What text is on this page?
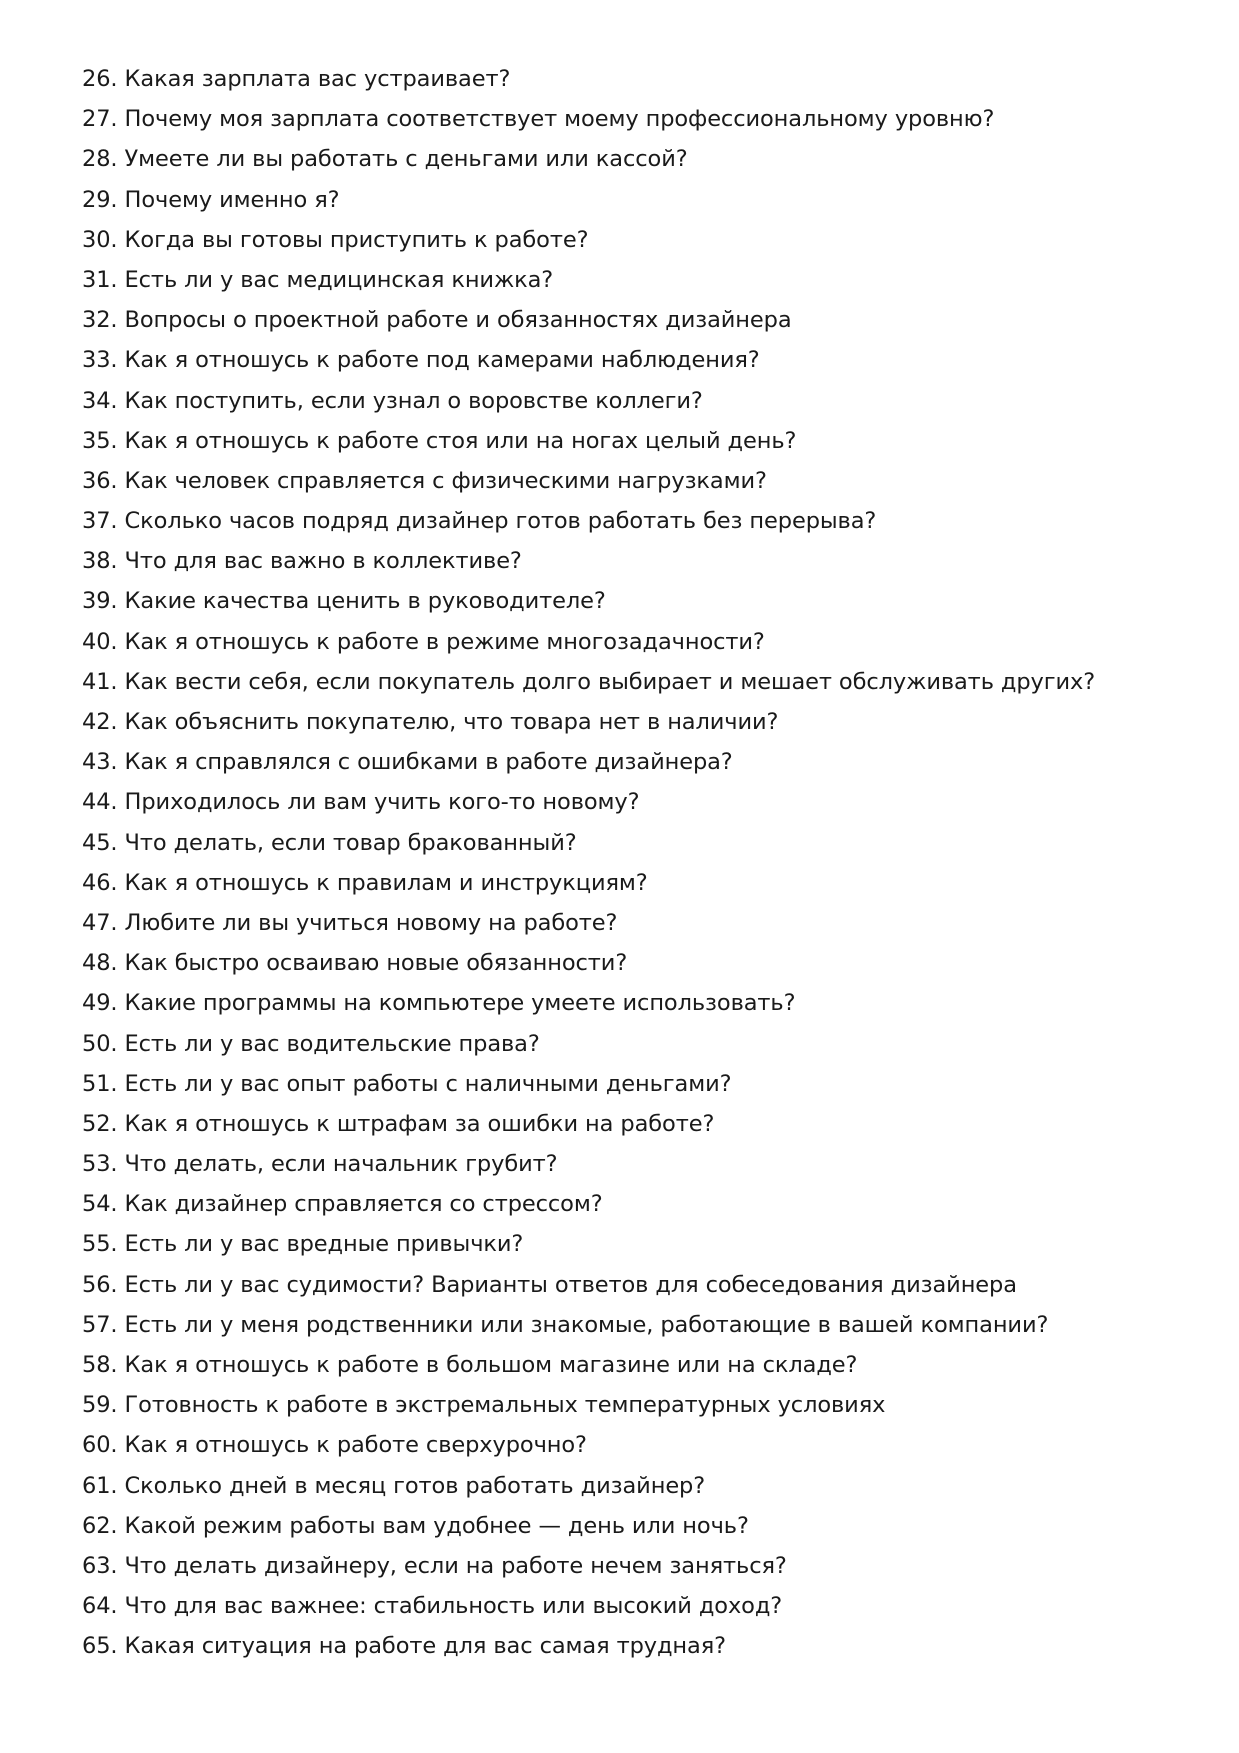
26. Какая зарплата вас устраивает?
27. Почему моя зарплата соответствует моему профессиональному уровню?
28. Умеете ли вы работать с деньгами или кассой?
29. Почему именно я?
30. Когда вы готовы приступить к работе?
31. Есть ли у вас медицинская книжка?
32. Вопросы о проектной работе и обязанностях дизайнера
33. Как я отношусь к работе под камерами наблюдения?
34. Как поступить, если узнал о воровстве коллеги?
35. Как я отношусь к работе стоя или на ногах целый день?
36. Как человек справляется с физическими нагрузками?
37. Сколько часов подряд дизайнер готов работать без перерыва?
38. Что для вас важно в коллективе?
39. Какие качества ценить в руководителе?
40. Как я отношусь к работе в режиме многозадачности?
41. Как вести себя, если покупатель долго выбирает и мешает обслуживать других?
42. Как объяснить покупателю, что товара нет в наличии?
43. Как я справлялся с ошибками в работе дизайнера?
44. Приходилось ли вам учить кого-то новому?
45. Что делать, если товар бракованный?
46. Как я отношусь к правилам и инструкциям?
47. Любите ли вы учиться новому на работе?
48. Как быстро осваиваю новые обязанности?
49. Какие программы на компьютере умеете использовать?
50. Есть ли у вас водительские права?
51. Есть ли у вас опыт работы с наличными деньгами?
52. Как я отношусь к штрафам за ошибки на работе?
53. Что делать, если начальник грубит?
54. Как дизайнер справляется со стрессом?
55. Есть ли у вас вредные привычки?
56. Есть ли у вас судимости? Варианты ответов для собеседования дизайнера
57. Есть ли у меня родственники или знакомые, работающие в вашей компании?
58. Как я отношусь к работе в большом магазине или на складе?
59. Готовность к работе в экстремальных температурных условиях
60. Как я отношусь к работе сверхурочно?
61. Сколько дней в месяц готов работать дизайнер?
62. Какой режим работы вам удобнее — день или ночь?
63. Что делать дизайнеру, если на работе нечем заняться?
64. Что для вас важнее: стабильность или высокий доход?
65. Какая ситуация на работе для вас самая трудная?
